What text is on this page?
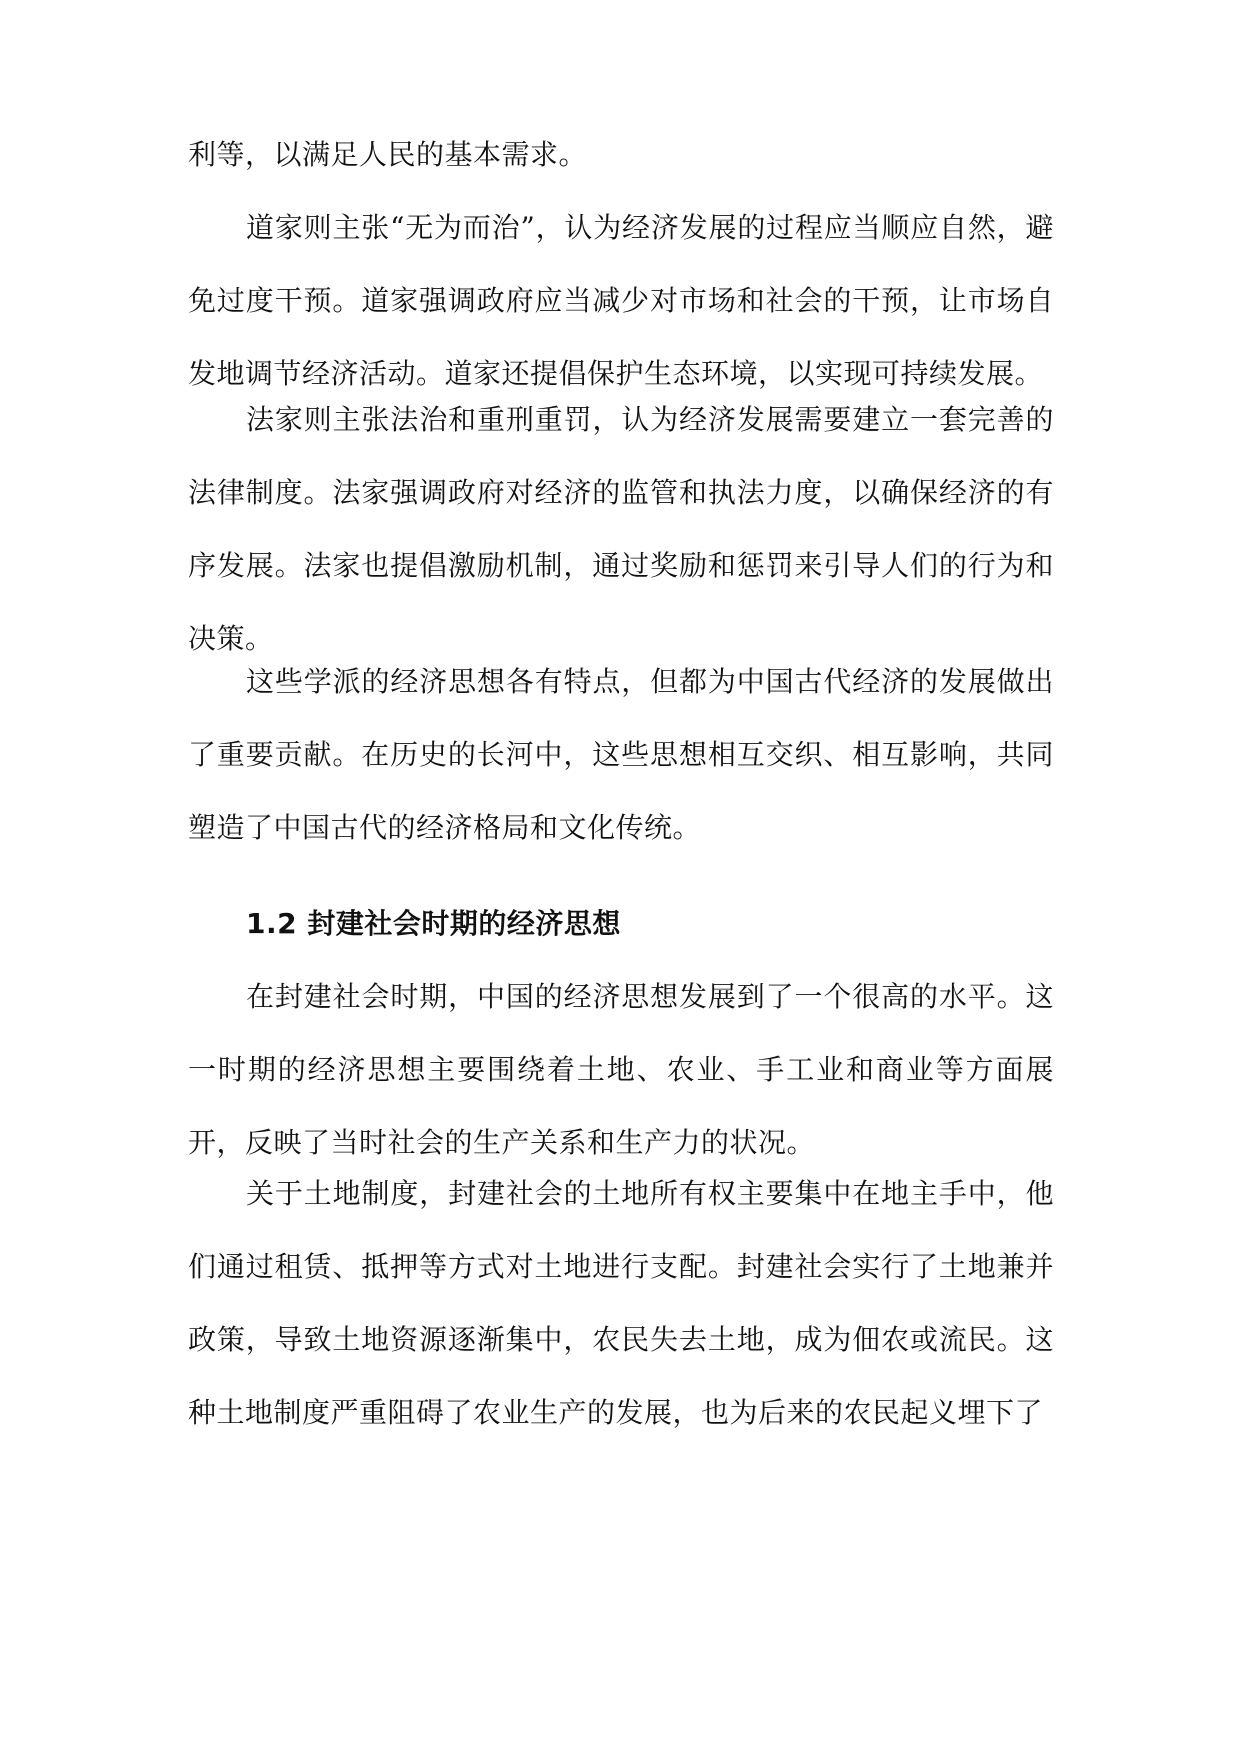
利等，以满足人民的基本需求。

道家则主张“无为而治”，认为经济发展的过程应当顺应自然，避免过度干预。道家强调政府应当减少对市场和社会的干预，让市场自发地调节经济活动。道家还提倡保护生态环境，以实现可持续发展。

法家则主张法治和重刑重罚，认为经济发展需要建立一套完善的法律制度。法家强调政府对经济的监管和执法力度，以确保经济的有序发展。法家也提倡激励机制，通过奖励和惩罚来引导人们的行为和决策。

这些学派的经济思想各有特点，但都为中国古代经济的发展做出了重要贡献。在历史的长河中，这些思想相互交织、相互影响，共同塑造了中国古代的经济格局和文化传统。

1.2 封建社会时期的经济思想

在封建社会时期，中国的经济思想发展到了一个很高的水平。这一时期的经济思想主要围绕着土地、农业、手工业和商业等方面展开，反映了当时社会的生产关系和生产力的状况。

关于土地制度，封建社会的土地所有权主要集中在地主手中，他们通过租赁、抵押等方式对土地进行支配。封建社会实行了土地兼并政策，导致土地资源逐渐集中，农民失去土地，成为佃农或流民。这种土地制度严重阻碍了农业生产的发展，也为后来的农民起义埋下了
